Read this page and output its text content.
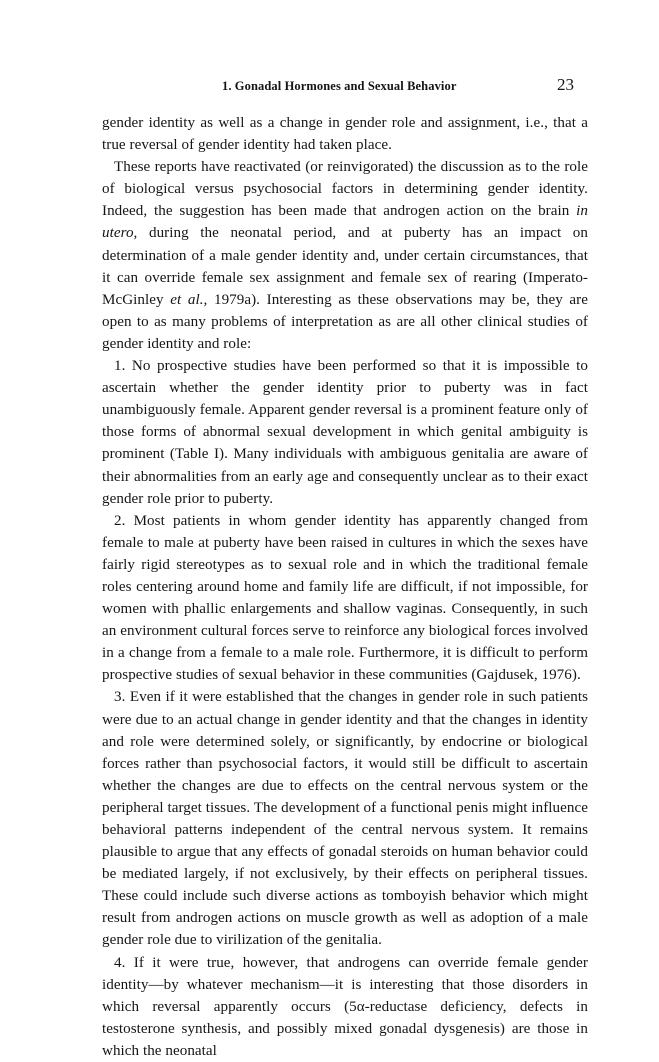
1. Gonadal Hormones and Sexual Behavior	23

gender identity as well as a change in gender role and assignment, i.e., that a true reversal of gender identity had taken place.

These reports have reactivated (or reinvigorated) the discussion as to the role of biological versus psychosocial factors in determining gender identity. Indeed, the suggestion has been made that androgen action on the brain in utero, during the neonatal period, and at puberty has an impact on determination of a male gender identity and, under certain circumstances, that it can override female sex assignment and female sex of rearing (Imperato-McGinley et al., 1979a). Interesting as these observations may be, they are open to as many problems of interpretation as are all other clinical studies of gender identity and role:

1. No prospective studies have been performed so that it is impossible to ascertain whether the gender identity prior to puberty was in fact unambiguously female. Apparent gender reversal is a prominent feature only of those forms of abnormal sexual development in which genital ambiguity is prominent (Table I). Many individuals with ambiguous genitalia are aware of their abnormalities from an early age and consequently unclear as to their exact gender role prior to puberty.

2. Most patients in whom gender identity has apparently changed from female to male at puberty have been raised in cultures in which the sexes have fairly rigid stereotypes as to sexual role and in which the traditional female roles centering around home and family life are difficult, if not impossible, for women with phallic enlargements and shallow vaginas. Consequently, in such an environment cultural forces serve to reinforce any biological forces involved in a change from a female to a male role. Furthermore, it is difficult to perform prospective studies of sexual behavior in these communities (Gajdusek, 1976).

3. Even if it were established that the changes in gender role in such patients were due to an actual change in gender identity and that the changes in identity and role were determined solely, or significantly, by endocrine or biological forces rather than psychosocial factors, it would still be difficult to ascertain whether the changes are due to effects on the central nervous system or the peripheral target tissues. The development of a functional penis might influence behavioral patterns independent of the central nervous system. It remains plausible to argue that any effects of gonadal steroids on human behavior could be mediated largely, if not exclusively, by their effects on peripheral tissues. These could include such diverse actions as tomboyish behavior which might result from androgen actions on muscle growth as well as adoption of a male gender role due to virilization of the genitalia.

4. If it were true, however, that androgens can override female gender identity—by whatever mechanism—it is interesting that those disorders in which reversal apparently occurs (5α-reductase deficiency, defects in testosterone synthesis, and possibly mixed gonadal dysgenesis) are those in which the neonatal
